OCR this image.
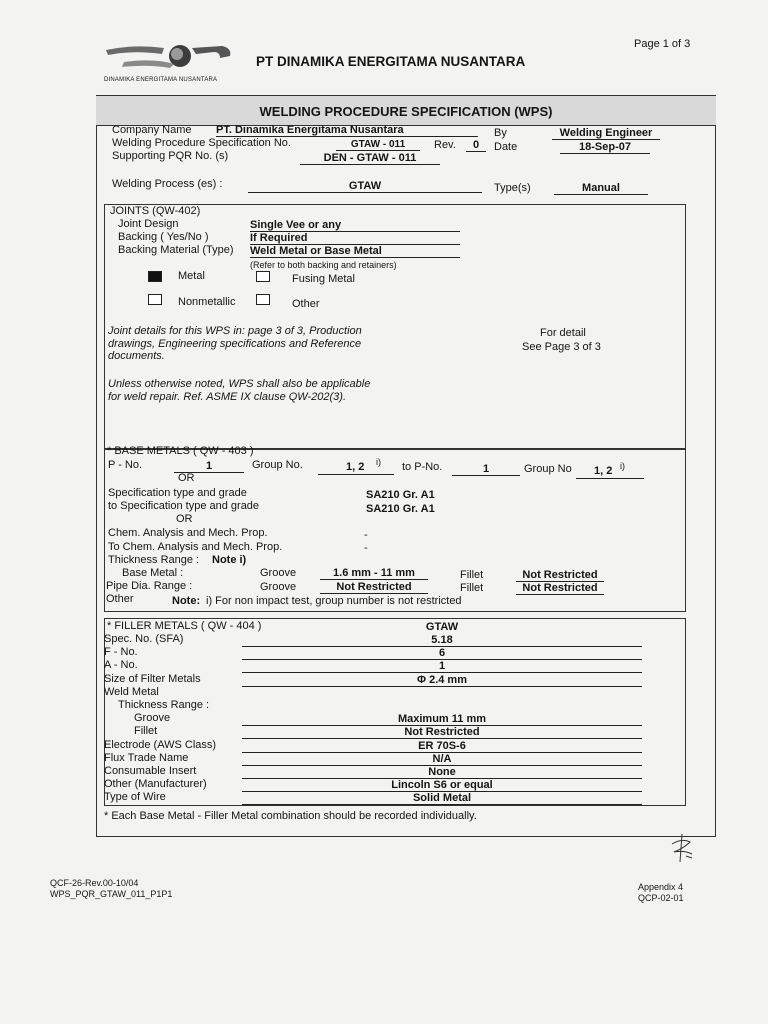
Page 1 of 3
DINAMIKA ENERGITAMA NUSANTARA
PT DINAMIKA ENERGITAMA NUSANTARA
WELDING PROCEDURE SPECIFICATION (WPS)
Company Name PT. Dinamika Energitama Nusantara	By	Welding Engineer
Welding Procedure Specification No.	GTAW - 011	Rev.	0	Date	18-Sep-07
Supporting PQR No. (s)	DEN - GTAW - 011
Welding Process (es) :	GTAW	Type(s)	Manual
JOINTS (QW-402)
Joint Design	Single Vee or any
Backing ( Yes/No )	If Required
Backing Material (Type) Weld Metal or Base Metal
(Refer to both backing and retainers)
Metal	Fusing Metal
Nonmetallic	Other
Joint details for this WPS in: page 3 of 3, Production
drawings, Engineering specifications and Reference
documents.
For detail
See Page 3 of 3
Unless otherwise noted, WPS shall also be applicable
for weld repair. Ref. ASME IX clause QW-202(3).
* BASE METALS ( QW - 403 )
P - No.	1	Group No.	1, 2 i) to P-No.	1	Group No 1, 2 i)
OR
Specification type and grade	SA210 Gr. A1
to Specification type and grade	SA210 Gr. A1
OR
Chem. Analysis and Mech. Prop.	-
To Chem. Analysis and Mech. Prop.	-
Thickness Range : Note i)
Base Metal :	Groove	1.6 mm - 11 mm	Fillet	Not Restricted
Pipe Dia. Range :	Groove	Not Restricted	Fillet	Not Restricted
Other	Note: i) For non impact test, group number is not restricted
* FILLER METALS ( QW - 404 )	GTAW
Spec. No. (SFA)	5.18
F - No.	6
A - No.	1
Size of Filter Metals	Φ 2.4 mm
Weld Metal
Thickness Range :
Groove	Maximum 11 mm
Fillet	Not Restricted
Electrode (AWS Class)	ER 70S-6
Flux Trade Name	N/A
Consumable Insert	None
Other (Manufacturer)	Lincoln S6 or equal
Type of Wire	Solid Metal
* Each Base Metal - Filler Metal combination should be recorded individually.
QCF-26-Rev.00-10/04
WPS_PQR_GTAW_011_P1P1
Appendix 4
QCP-02-01
